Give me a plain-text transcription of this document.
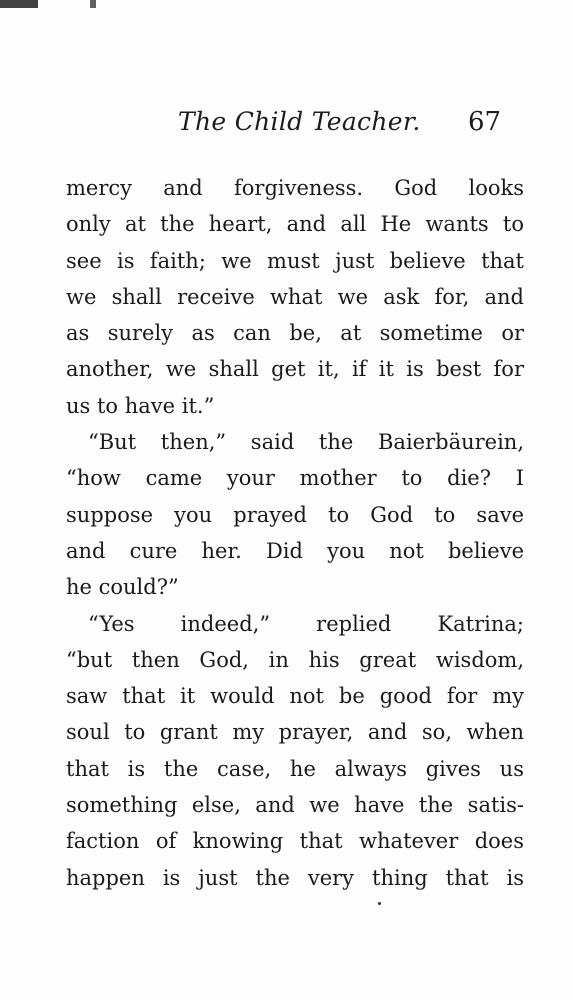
The Child Teacher. 67
mercy and forgiveness. God looks
only at the heart, and all He wants to
see is faith; we must just believe that
we shall receive what we ask for, and
as surely as can be, at sometime or
another, we shall get it, if it is best for
us to have it.”
“But then,” said the Baierbäurein,
“how came your mother to die? I
suppose you prayed to God to save
and cure her. Did you not believe
he could?”
“Yes indeed,” replied Katrina;
“but then God, in his great wisdom,
saw that it would not be good for my
soul to grant my prayer, and so, when
that is the case, he always gives us
something else, and we have the satis-
faction of knowing that whatever does
happen is just the very thing that is
